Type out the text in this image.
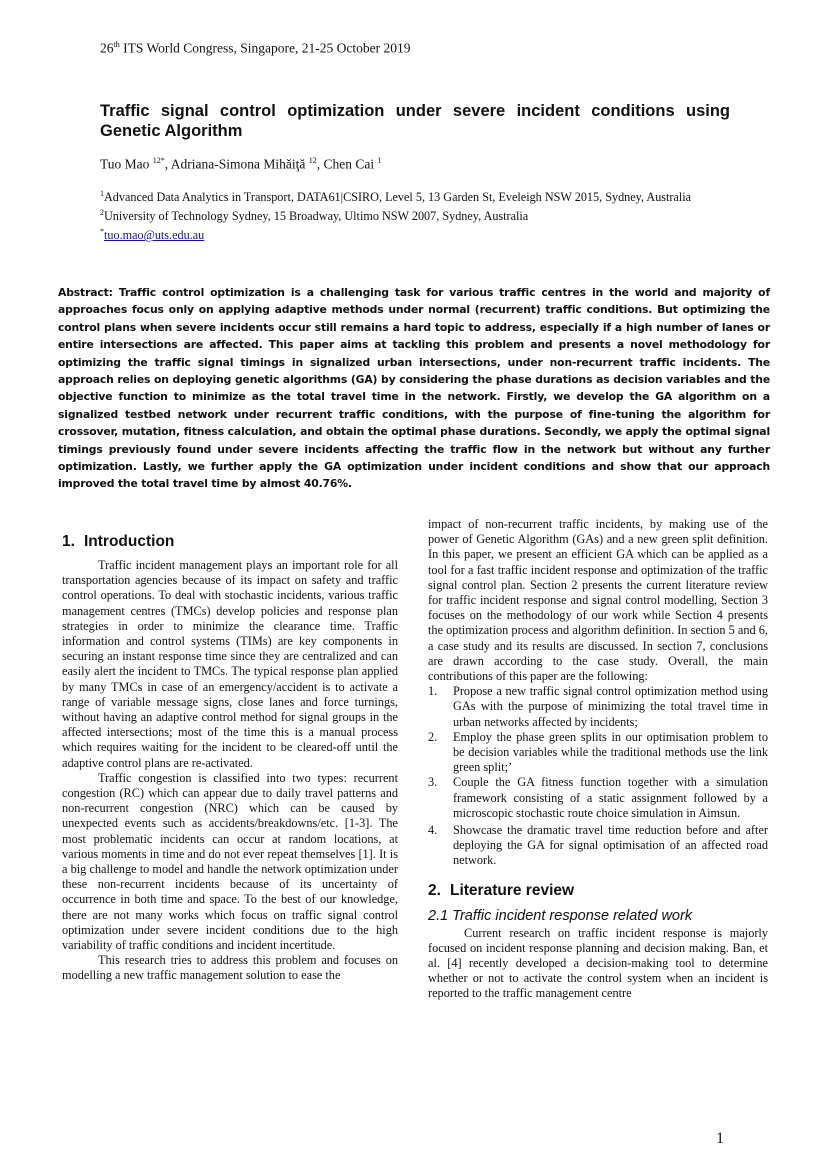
26th ITS World Congress, Singapore, 21-25 October 2019
Traffic signal control optimization under severe incident conditions using Genetic Algorithm
Tuo Mao $^{12*}$, Adriana-Simona Mihăiţă $^{12}$, Chen Cai $^1$
$^1$Advanced Data Analytics in Transport, DATA61|CSIRO, Level 5, 13 Garden St, Eveleigh NSW 2015, Sydney, Australia
$^2$University of Technology Sydney, 15 Broadway, Ultimo NSW 2007, Sydney, Australia
*tuo.mao@uts.edu.au
Abstract: Traffic control optimization is a challenging task for various traffic centres in the world and majority of approaches focus only on applying adaptive methods under normal (recurrent) traffic conditions. But optimizing the control plans when severe incidents occur still remains a hard topic to address, especially if a high number of lanes or entire intersections are affected. This paper aims at tackling this problem and presents a novel methodology for optimizing the traffic signal timings in signalized urban intersections, under non-recurrent traffic incidents. The approach relies on deploying genetic algorithms (GA) by considering the phase durations as decision variables and the objective function to minimize as the total travel time in the network. Firstly, we develop the GA algorithm on a signalized testbed network under recurrent traffic conditions, with the purpose of fine-tuning the algorithm for crossover, mutation, fitness calculation, and obtain the optimal phase durations. Secondly, we apply the optimal signal timings previously found under severe incidents affecting the traffic flow in the network but without any further optimization. Lastly, we further apply the GA optimization under incident conditions and show that our approach improved the total travel time by almost 40.76%.
1. Introduction

Traffic incident management plays an important role for all transportation agencies because of its impact on safety and traffic control operations. To deal with stochastic incidents, various traffic management centres (TMCs) develop policies and response plan strategies in order to minimize the clearance time. Traffic information and control systems (TIMs) are key components in securing an instant response time since they are centralized and can easily alert the incident to TMCs. The typical response plan applied by many TMCs in case of an emergency/accident is to activate a range of variable message signs, close lanes and force turnings, without having an adaptive control method for signal groups in the affected intersections; most of the time this is a manual process which requires waiting for the incident to be cleared-off until the adaptive control plans are re-activated.

Traffic congestion is classified into two types: recurrent congestion (RC) which can appear due to daily travel patterns and non-recurrent congestion (NRC) which can be caused by unexpected events such as accidents/breakdowns/etc. [1-3]. The most problematic incidents can occur at random locations, at various moments in time and do not ever repeat themselves [1]. It is a big challenge to model and handle the network optimization under these non-recurrent incidents because of its uncertainty of occurrence in both time and space. To the best of our knowledge, there are not many works which focus on traffic signal control optimization under severe incident conditions due to the high variability of traffic conditions and incident incertitude.

This research tries to address this problem and focuses on modelling a new traffic management solution to ease the

impact of non-recurrent traffic incidents, by making use of the power of Genetic Algorithm (GAs) and a new green split definition. In this paper, we present an efficient GA which can be applied as a tool for a fast traffic incident response and optimization of the traffic signal control plan. Section 2 presents the current literature review for traffic incident response and signal control modelling, Section 3 focuses on the methodology of our work while Section 4 presents the optimization process and algorithm definition. In section 5 and 6, a case study and its results are discussed. In section 7, conclusions are drawn according to the case study. Overall, the main contributions of this paper are the following:

1. Propose a new traffic signal control optimization method using GAs with the purpose of minimizing the total travel time in urban networks affected by incidents;
2. Employ the phase green splits in our optimisation problem to be decision variables while the traditional methods use the link green split;’
3. Couple the GA fitness function together with a simulation framework consisting of a static assignment followed by a microscopic stochastic route choice simulation in Aimsun.
4. Showcase the dramatic travel time reduction before and after deploying the GA for signal optimisation of an affected road network.
2. Literature review
2.1 Traffic incident response related work

Current research on traffic incident response is majorly focused on incident response planning and decision making. Ban, et al. [4] recently developed a decision-making tool to determine whether or not to activate the control system when an incident is reported to the traffic management centre

1
